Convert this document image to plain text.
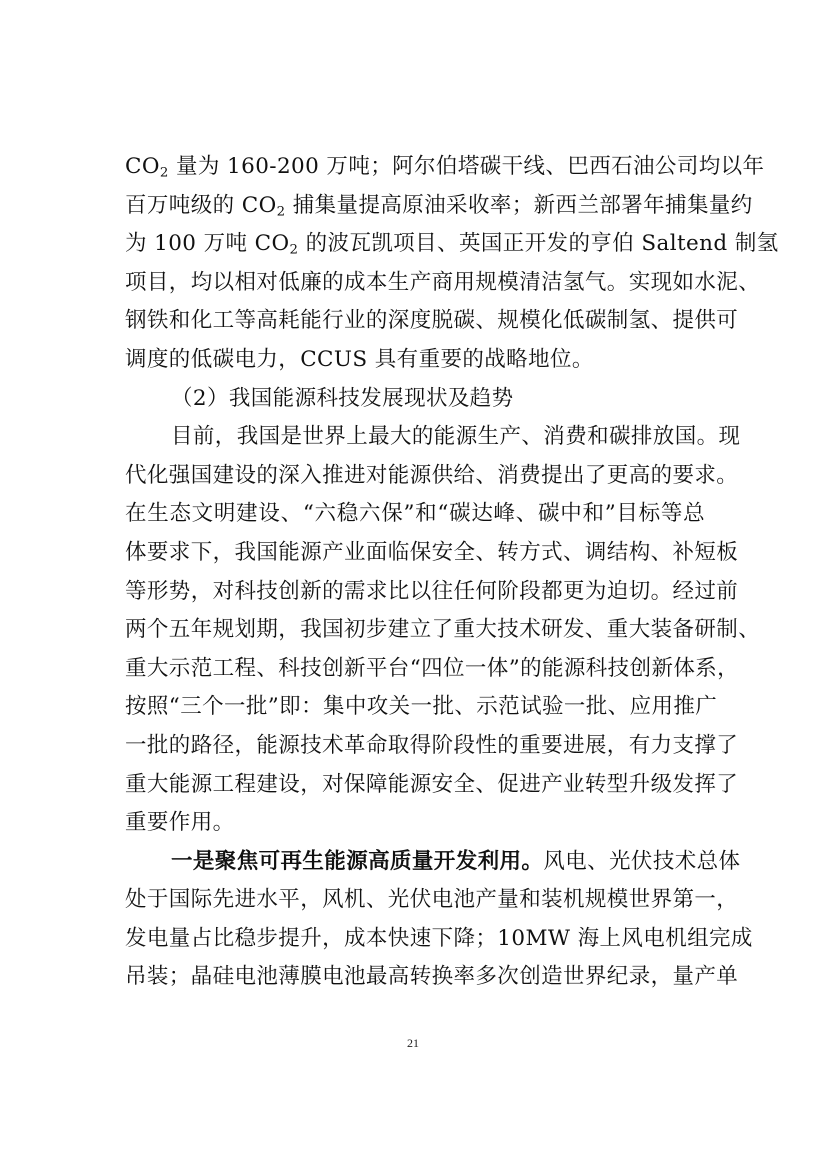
$CO_2$ 量为 160-200 万吨；阿尔伯塔碳干线、巴西石油公司均以年
百万吨级的 $CO_2$ 捕集量提高原油采收率；新西兰部署年捕集量约
为 100 万吨 $CO_2$ 的波瓦凯项目、英国正开发的亨伯 Saltend 制氢
项目，均以相对低廉的成本生产商用规模清洁氢气。实现如水泥、
钢铁和化工等高耗能行业的深度脱碳、规模化低碳制氢、提供可
调度的低碳电力，CCUS 具有重要的战略地位。
（2）我国能源科技发展现状及趋势
目前，我国是世界上最大的能源生产、消费和碳排放国。现
代化强国建设的深入推进对能源供给、消费提出了更高的要求。
在生态文明建设、“六稳六保”和“碳达峰、碳中和”目标等总
体要求下，我国能源产业面临保安全、转方式、调结构、补短板
等形势，对科技创新的需求比以往任何阶段都更为迫切。经过前
两个五年规划期，我国初步建立了重大技术研发、重大装备研制、
重大示范工程、科技创新平台“四位一体”的能源科技创新体系，
按照“三个一批”即：集中攻关一批、示范试验一批、应用推广
一批的路径，能源技术革命取得阶段性的重要进展，有力支撑了
重大能源工程建设，对保障能源安全、促进产业转型升级发挥了
重要作用。
一是聚焦可再生能源高质量开发利用。风电、光伏技术总体
处于国际先进水平，风机、光伏电池产量和装机规模世界第一，
发电量占比稳步提升，成本快速下降；10MW 海上风电机组完成
吊装；晶硅电池薄膜电池最高转换率多次创造世界纪录，量产单
21
